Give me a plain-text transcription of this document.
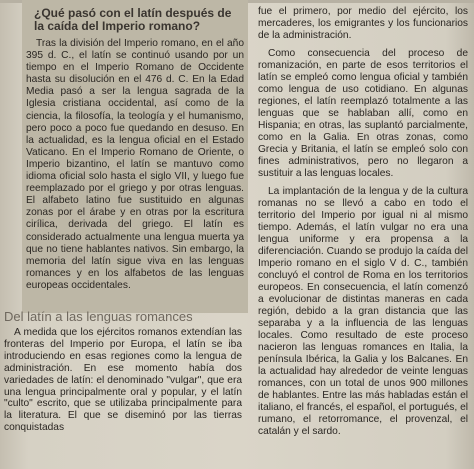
¿Qué pasó con el latín después de la caída del Imperio romano?
Tras la división del Imperio romano, en el año 395 d. C., el latín se continuó usando por un tiempo en el Imperio Romano de Occidente hasta su disolución en el 476 d. C. En la Edad Media pasó a ser la lengua sagrada de la Iglesia cristiana occidental, así como de la ciencia, la filosofía, la teología y el humanismo, pero poco a poco fue quedando en desuso. En la actualidad, es la lengua oficial en el Estado Vaticano. En el Imperio Romano de Oriente, o Imperio bizantino, el latín se mantuvo como idioma oficial solo hasta el siglo VII, y luego fue reemplazado por el griego y por otras lenguas. El alfabeto latino fue sustituido en algunas zonas por el árabe y en otras por la escritura cirílica, derivada del griego. El latín es considerado actualmente una lengua muerta ya que no tiene hablantes nativos. Sin embargo, la memoria del latín sigue viva en las lenguas romances y en los alfabetos de las lenguas europeas occidentales.
Del latín a las lenguas romances
A medida que los ejércitos romanos extendían las fronteras del Imperio por Europa, el latín se iba introduciendo en esas regiones como la lengua de administración. En ese momento había dos variedades de latín: el denominado "vulgar", que era una lengua principalmente oral y popular, y el latín "culto" escrito, que se utilizaba principalmente para la literatura. El que se diseminó por las tierras conquistadas

fue el primero, por medio del ejército, los mercaderes, los emigrantes y los funcionarios de la administración.

Como consecuencia del proceso de romanización, en parte de esos territorios el latín se empleó como lengua oficial y también como lengua de uso cotidiano. En algunas regiones, el latín reemplazó totalmente a las lenguas que se hablaban allí, como en Hispania; en otras, las suplantó parcialmente, como en la Galia. En otras zonas, como Grecia y Britania, el latín se empleó solo con fines administrativos, pero no llegaron a sustituir a las lenguas locales.

La implantación de la lengua y de la cultura romanas no se llevó a cabo en todo el territorio del Imperio por igual ni al mismo tiempo. Además, el latín vulgar no era una lengua uniforme y era propensa a la diferenciación. Cuando se produjo la caída del Imperio romano en el siglo V d. C., también concluyó el control de Roma en los territorios europeos. En consecuencia, el latín comenzó a evolucionar de distintas maneras en cada región, debido a la gran distancia que las separaba y a la influencia de las lenguas locales. Como resultado de este proceso nacieron las lenguas romances en Italia, la península Ibérica, la Galia y los Balcanes. En la actualidad hay alrededor de veinte lenguas romances, con un total de unos 900 millones de hablantes. Entre las más habladas están el italiano, el francés, el español, el portugués, el rumano, el retorromance, el provenzal, el catalán y el sardo.
